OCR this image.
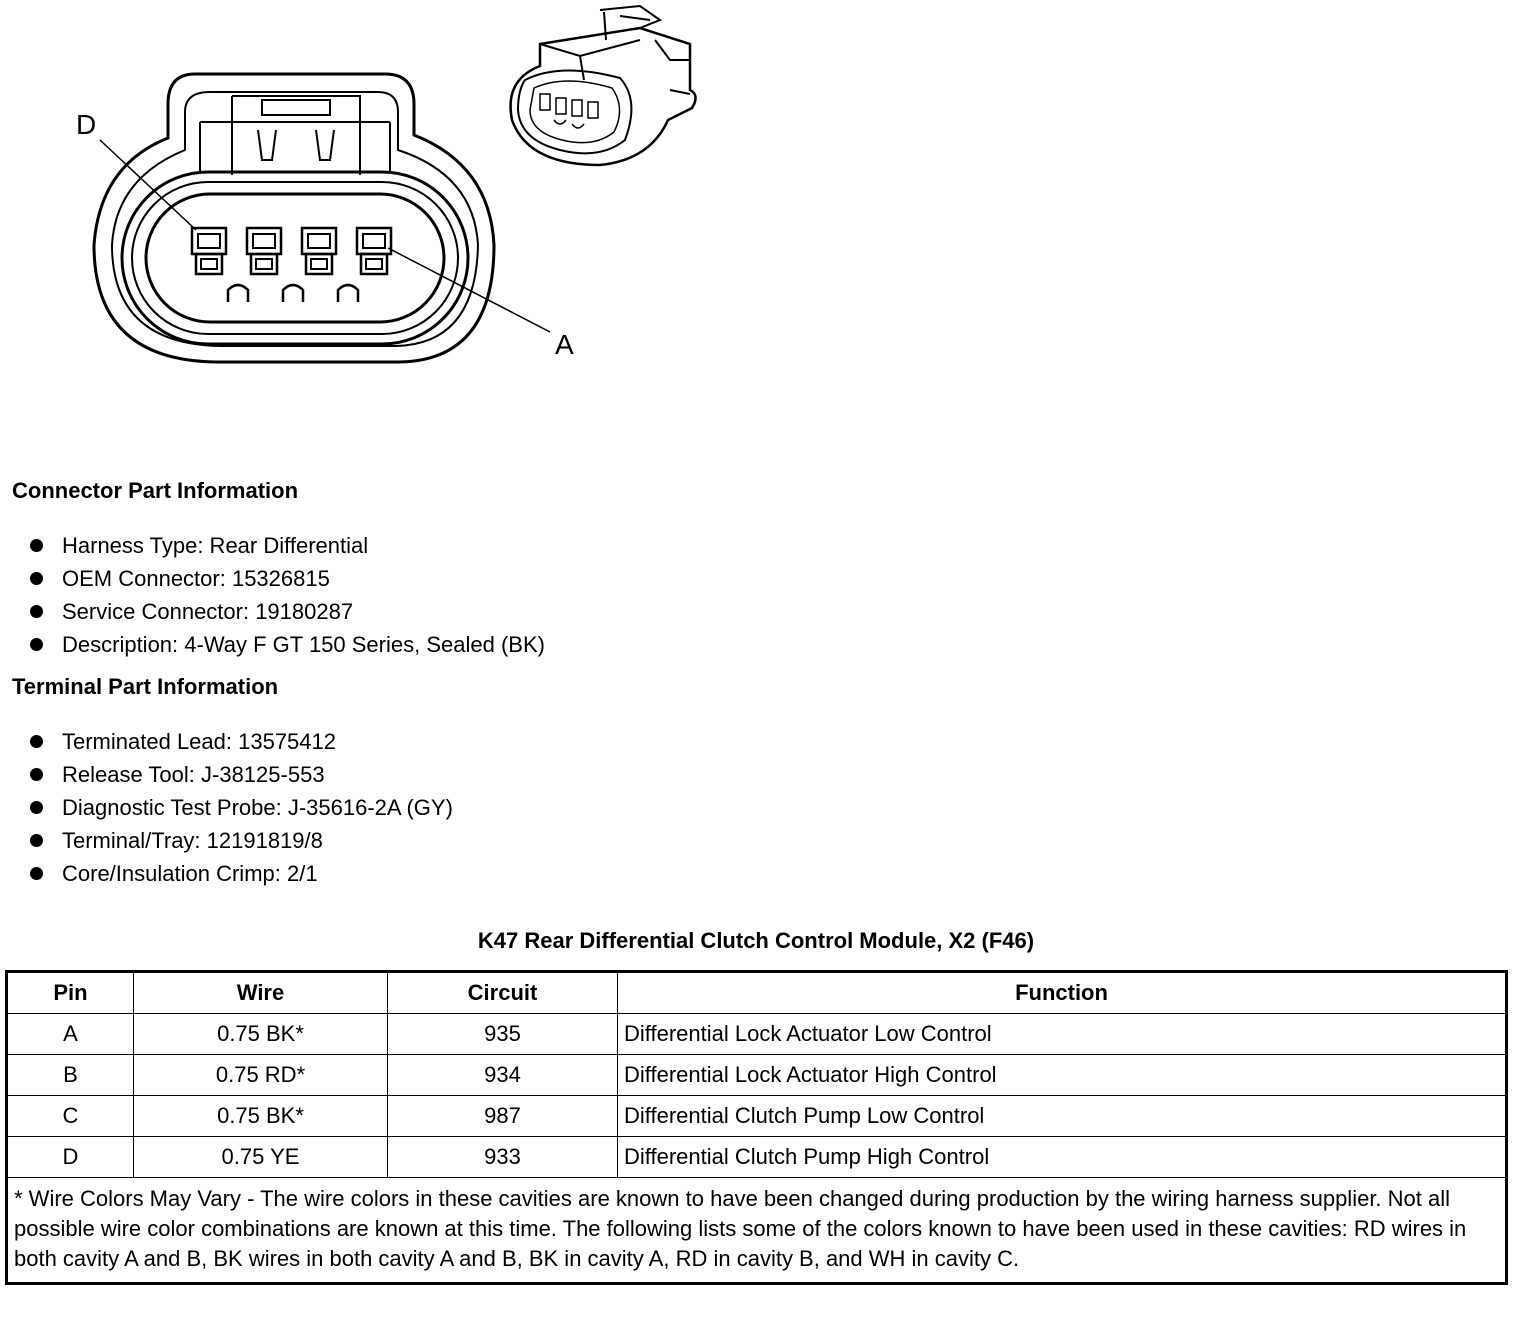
D
A
Connector Part Information
Harness Type: Rear Differential
OEM Connector: 15326815
Service Connector: 19180287
Description: 4-Way F GT 150 Series, Sealed (BK)
Terminal Part Information
Terminated Lead: 13575412
Release Tool: J-38125-553
Diagnostic Test Probe: J-35616-2A (GY)
Terminal/Tray: 12191819/8
Core/Insulation Crimp: 2/1
K47 Rear Differential Clutch Control Module, X2 (F46)
Pin	Wire	Circuit	Function
A	0.75 BK*	935	Differential Lock Actuator Low Control
B	0.75 RD*	934	Differential Lock Actuator High Control
C	0.75 BK*	987	Differential Clutch Pump Low Control
D	0.75 YE	933	Differential Clutch Pump High Control
* Wire Colors May Vary - The wire colors in these cavities are known to have been changed during production by the wiring harness supplier. Not all possible wire color combinations are known at this time. The following lists some of the colors known to have been used in these cavities: RD wires in both cavity A and B, BK wires in both cavity A and B, BK in cavity A, RD in cavity B, and WH in cavity C.			
